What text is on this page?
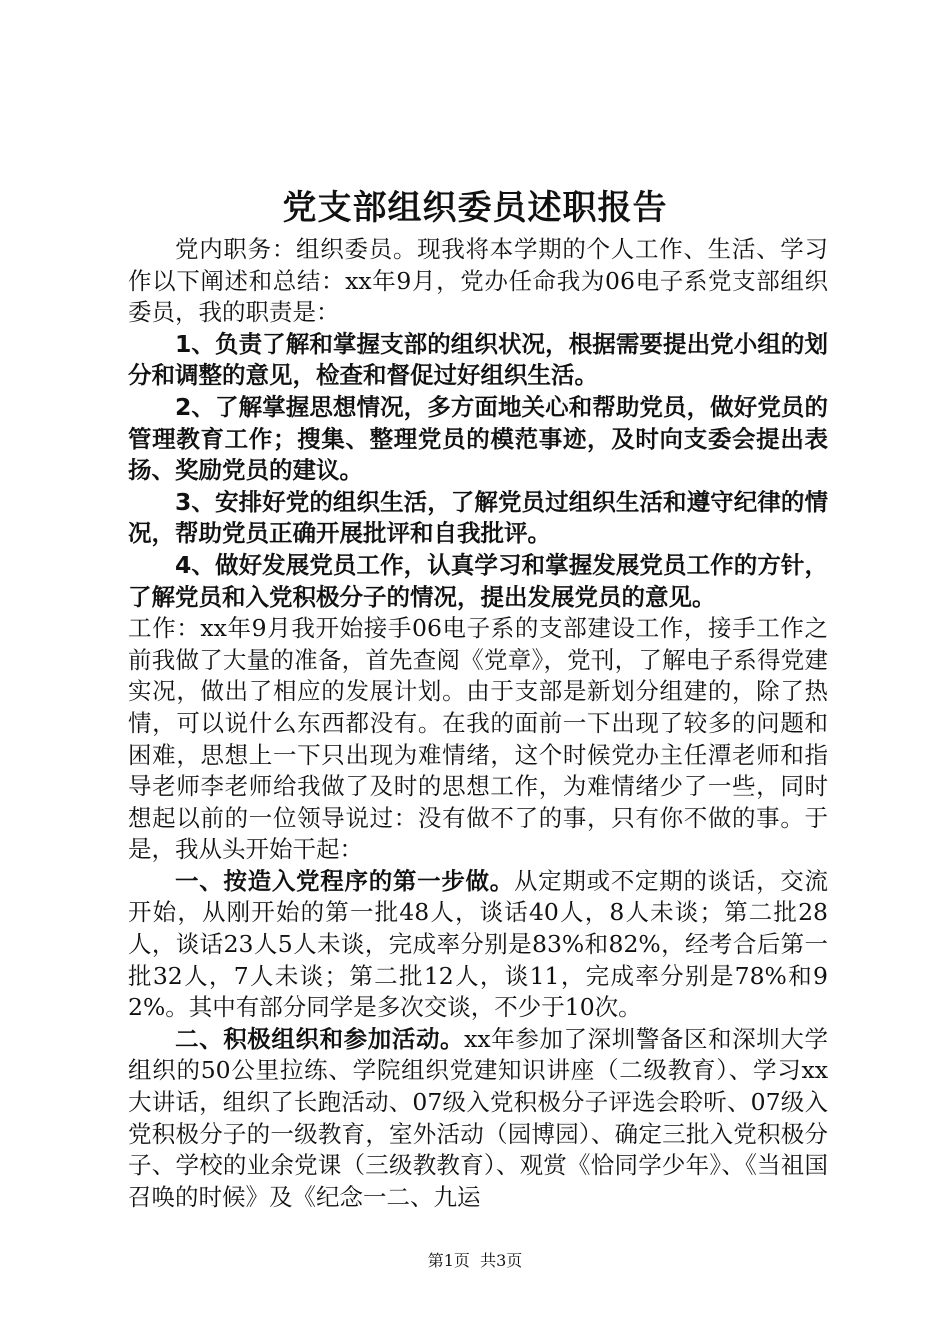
党支部组织委员述职报告

党内职务：组织委员。现我将本学期的个人工作、生活、学习作以下阐述和总结：xx年9月，党办任命我为06电子系党支部组织委员，我的职责是：

1、负责了解和掌握支部的组织状况，根据需要提出党小组的划分和调整的意见，检查和督促过好组织生活。

2、了解掌握思想情况，多方面地关心和帮助党员，做好党员的管理教育工作；搜集、整理党员的模范事迹，及时向支委会提出表扬、奖励党员的建议。

3、安排好党的组织生活，了解党员过组织生活和遵守纪律的情况，帮助党员正确开展批评和自我批评。

4、做好发展党员工作，认真学习和掌握发展党员工作的方针，了解党员和入党积极分子的情况，提出发展党员的意见。

工作：xx年9月我开始接手06电子系的支部建设工作，接手工作之前我做了大量的准备，首先查阅《党章》，党刊，了解电子系得党建实况，做出了相应的发展计划。由于支部是新划分组建的，除了热情，可以说什么东西都没有。在我的面前一下出现了较多的问题和困难，思想上一下只出现为难情绪，这个时候党办主任潭老师和指导老师李老师给我做了及时的思想工作，为难情绪少了一些，同时想起以前的一位领导说过：没有做不了的事，只有你不做的事。于是，我从头开始干起：

一、按造入党程序的第一步做。从定期或不定期的谈话，交流开始，从刚开始的第一批48人，谈话40人，8人未谈；第二批28人，谈话23人5人未谈，完成率分别是83%和82%，经考合后第一批32人，7人未谈；第二批12人，谈11，完成率分别是78%和92%。其中有部分同学是多次交谈，不少于10次。

二、积极组织和参加活动。xx年参加了深圳警备区和深圳大学组织的50公里拉练、学院组织党建知识讲座（二级教育）、学习xx大讲话，组织了长跑活动、07级入党积极分子评选会聆听、07级入党积极分子的一级教育，室外活动（园博园）、确定三批入党积极分子、学校的业余党课（三级教教育）、观赏《恰同学少年》、《当祖国召唤的时候》及《纪念一二、九运

第1页  共3页
